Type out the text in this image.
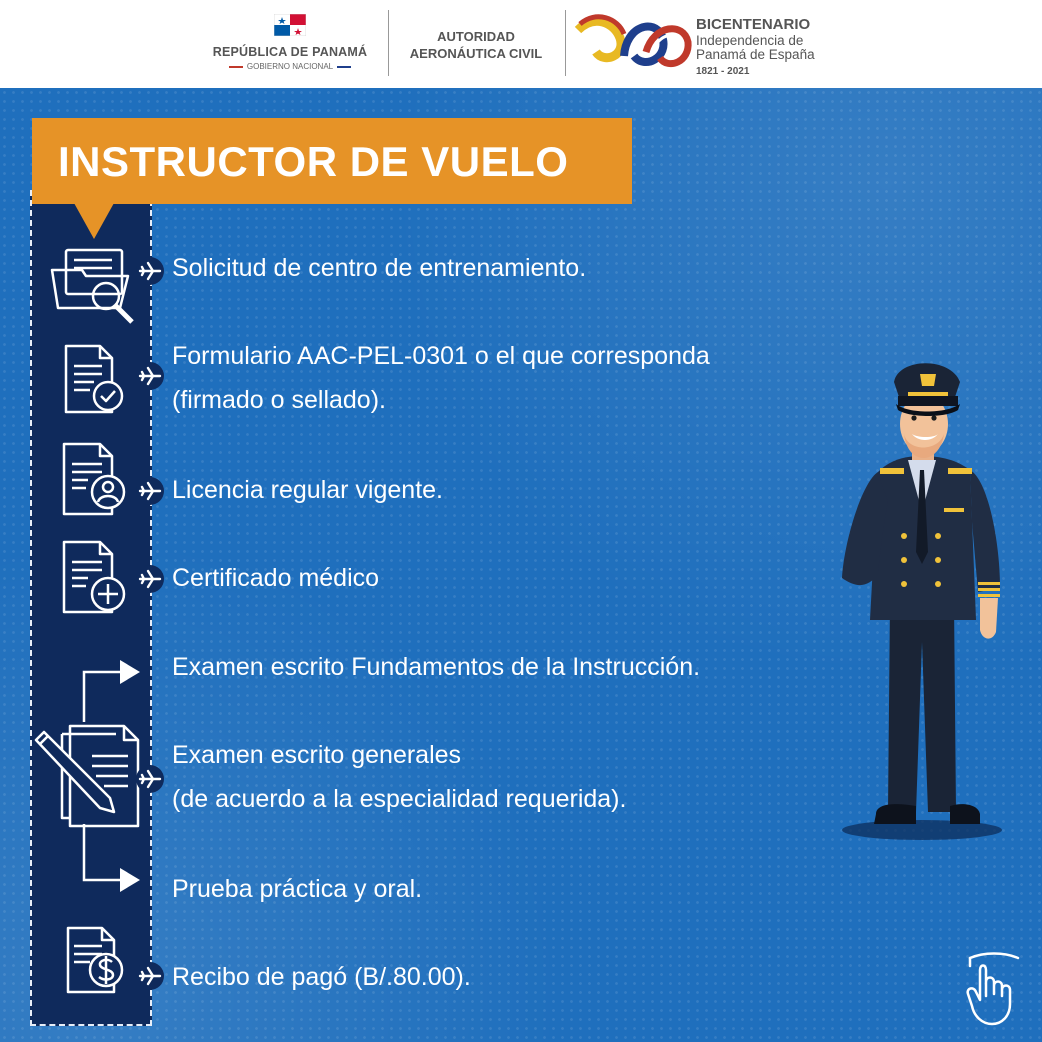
REPÚBLICA DE PANAMÁ
GOBIERNO NACIONAL
AUTORIDAD
AERONÁUTICA CIVIL
BICENTENARIO
Independencia de
Panamá de España
1821 - 2021
INSTRUCTOR DE VUELO
Solicitud de centro de entrenamiento.
Formulario AAC-PEL-0301 o el que corresponda
(firmado o sellado).
Licencia regular vigente.
Certificado médico
Examen escrito Fundamentos de la Instrucción.
Examen escrito generales
(de acuerdo a la especialidad requerida).
Prueba práctica y oral.
Recibo de pagó (B/.80.00).
